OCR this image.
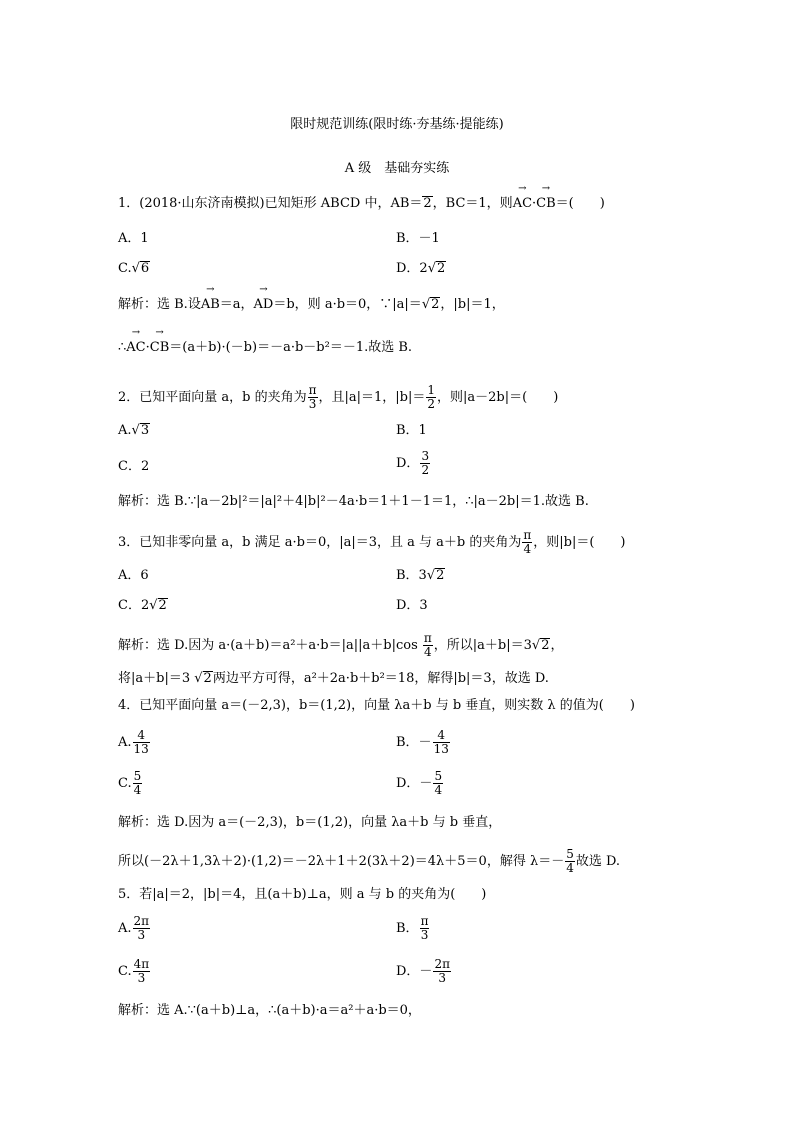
限时规范训练(限时练·夯基练·提能练)
A 级　基础夯实练
1．(2018·山东济南模拟)已知矩形 ABCD 中，AB＝2，BC＝1，则→ AC·→ CB＝(　　)
A．1	B．－1
C.√6	D．2√2
解析：选 B.设→ AB＝a，→ AD＝b，则 a·b＝0，∵|a|＝√2，|b|＝1，
∴→ AC·→ CB＝(a＋b)·(－b)＝－a·b－b²＝－1.故选 B.
2．已知平面向量 a，b 的夹角为 $\frac{\pi}{3}$ ，且|a|＝1，$|b|= \frac{1}{2}$ ，则|a－2b|＝(　　)
A.√3	B．1
C．2	D． $\frac{3}{2}$
解析：选 B.∵|a－2b|²＝|a|²＋4|b|²－4a·b＝1＋1－1＝1，∴|a－2b|＝1.故选 B.
3．已知非零向量 a，b 满足 a·b＝0，|a|＝3，且 a 与 a＋b 的夹角为 $\frac{\pi}{4}$ ，则|b|＝(　　)
A．6	B．3√2
C．2√2	D．3
解析：选 D.因为 $a\cdot(a+b)=a^2+a\cdot b=|a||a+b|\cos \frac{\pi}{4}$ ，所以|a＋b|＝3√2，
将|a＋b|＝3 √2两边平方可得，a²＋2a·b＋b²＝18，解得|b|＝3，故选 D.
4．已知平面向量 a＝(－2,3)，b＝(1,2)，向量 λa＋b 与 b 垂直，则实数 λ 的值为(　　)
A. $\frac{4}{13}$	B．－ $\frac{4}{13}$
C. $\frac{5}{4}$	D．－ $\frac{5}{4}$
解析：选 D.因为 a＝(－2,3)，b＝(1,2)，向量 λa＋b 与 b 垂直，
所以(－2λ＋1,3λ＋2)·(1,2)＝－2λ＋1＋2(3λ＋2)＝4λ＋5＝0，解得 $\lambda=- \frac{5}{4}$ 故选 D.
5．若|a|＝2，|b|＝4，且(a＋b)⊥a，则 a 与 b 的夹角为(　　)
A. $\frac{2\pi}{3}$	B． $\frac{\pi}{3}$
C. $\frac{4\pi}{3}$	D．－ $\frac{2\pi}{3}$
解析：选 A.∵(a＋b)⊥a，∴(a＋b)·a＝a²＋a·b＝0，
